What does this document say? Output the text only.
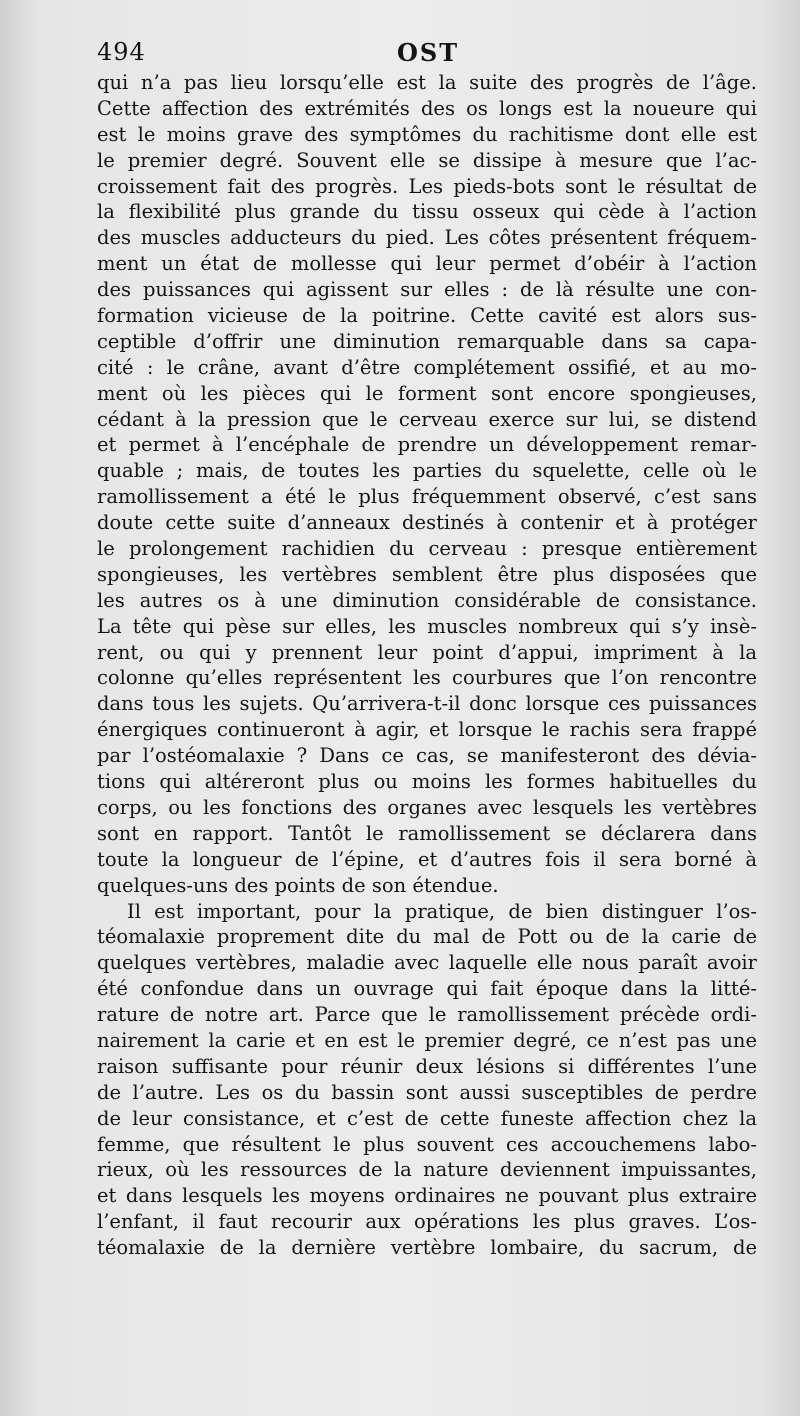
494	OST
qui n’a pas lieu lorsqu’elle est la suite des progrès de l’âge.
Cette affection des extrémités des os longs est la noueure qui
est le moins grave des symptômes du rachitisme dont elle est
le premier degré. Souvent elle se dissipe à mesure que l’ac-
croissement fait des progrès. Les pieds-bots sont le résultat de
la flexibilité plus grande du tissu osseux qui cède à l’action
des muscles adducteurs du pied. Les côtes présentent fréquem-
ment un état de mollesse qui leur permet d’obéir à l’action
des puissances qui agissent sur elles : de là résulte une con-
formation vicieuse de la poitrine. Cette cavité est alors sus-
ceptible d’offrir une diminution remarquable dans sa capa-
cité : le crâne, avant d’être complétement ossifié, et au mo-
ment où les pièces qui le forment sont encore spongieuses,
cédant à la pression que le cerveau exerce sur lui, se distend
et permet à l’encéphale de prendre un développement remar-
quable ; mais, de toutes les parties du squelette, celle où le
ramollissement a été le plus fréquemment observé, c’est sans
doute cette suite d’anneaux destinés à contenir et à protéger
le prolongement rachidien du cerveau : presque entièrement
spongieuses, les vertèbres semblent être plus disposées que
les autres os à une diminution considérable de consistance.
La tête qui pèse sur elles, les muscles nombreux qui s’y insè-
rent, ou qui y prennent leur point d’appui, impriment à la
colonne qu’elles représentent les courbures que l’on rencontre
dans tous les sujets. Qu’arrivera-t-il donc lorsque ces puissances
énergiques continueront à agir, et lorsque le rachis sera frappé
par l’ostéomalaxie ? Dans ce cas, se manifesteront des dévia-
tions qui altéreront plus ou moins les formes habituelles du
corps, ou les fonctions des organes avec lesquels les vertèbres
sont en rapport. Tantôt le ramollissement se déclarera dans
toute la longueur de l’épine, et d’autres fois il sera borné à
quelques-uns des points de son étendue.
Il est important, pour la pratique, de bien distinguer l’os-
téomalaxie proprement dite du mal de Pott ou de la carie de
quelques vertèbres, maladie avec laquelle elle nous paraît avoir
été confondue dans un ouvrage qui fait époque dans la litté-
rature de notre art. Parce que le ramollissement précède ordi-
nairement la carie et en est le premier degré, ce n’est pas une
raison suffisante pour réunir deux lésions si différentes l’une
de l’autre. Les os du bassin sont aussi susceptibles de perdre
de leur consistance, et c’est de cette funeste affection chez la
femme, que résultent le plus souvent ces accouchemens labo-
rieux, où les ressources de la nature deviennent impuissantes,
et dans lesquels les moyens ordinaires ne pouvant plus extraire
l’enfant, il faut recourir aux opérations les plus graves. L’os-
téomalaxie de la dernière vertèbre lombaire, du sacrum, de
